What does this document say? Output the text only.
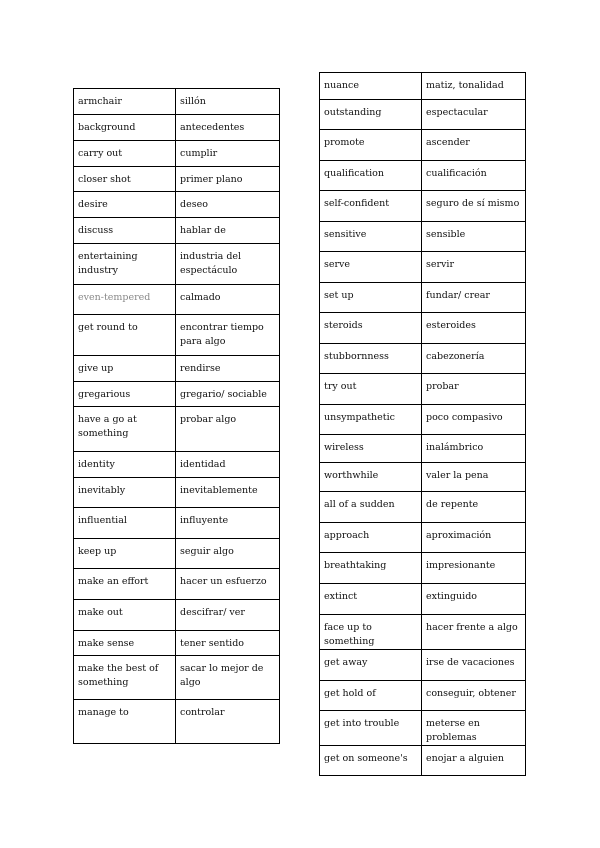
armchair	sillón
background	antecedentes
carry out	cumplir
closer shot	primer plano
desire	deseo
discuss	hablar de
entertaining industry	industria del espectáculo
even-tempered	calmado
get round to	encontrar tiempo para algo
give up	rendirse
gregarious	gregario/ sociable
have a go at something	probar algo
identity	identidad
inevitably	inevitablemente
influential	influyente
keep up	seguir algo
make an effort	hacer un esfuerzo
make out	descifrar/ ver
make sense	tener sentido
make the best of something	sacar lo mejor de algo
manage to	controlar
nuance	matiz, tonalidad
outstanding	espectacular
promote	ascender
qualification	cualificación
self-confident	seguro de sí mismo
sensitive	sensible
serve	servir
set up	fundar/ crear
steroids	esteroides
stubbornness	cabezonería
try out	probar
unsympathetic	poco compasivo
wireless	inalámbrico
worthwhile	valer la pena
all of a sudden	de repente
approach	aproximación
breathtaking	impresionante
extinct	extinguido
face up to something	hacer frente a algo
get away	irse de vacaciones
get hold of	conseguir, obtener
get into trouble	meterse en problemas
get on someone's	enojar a alguien
